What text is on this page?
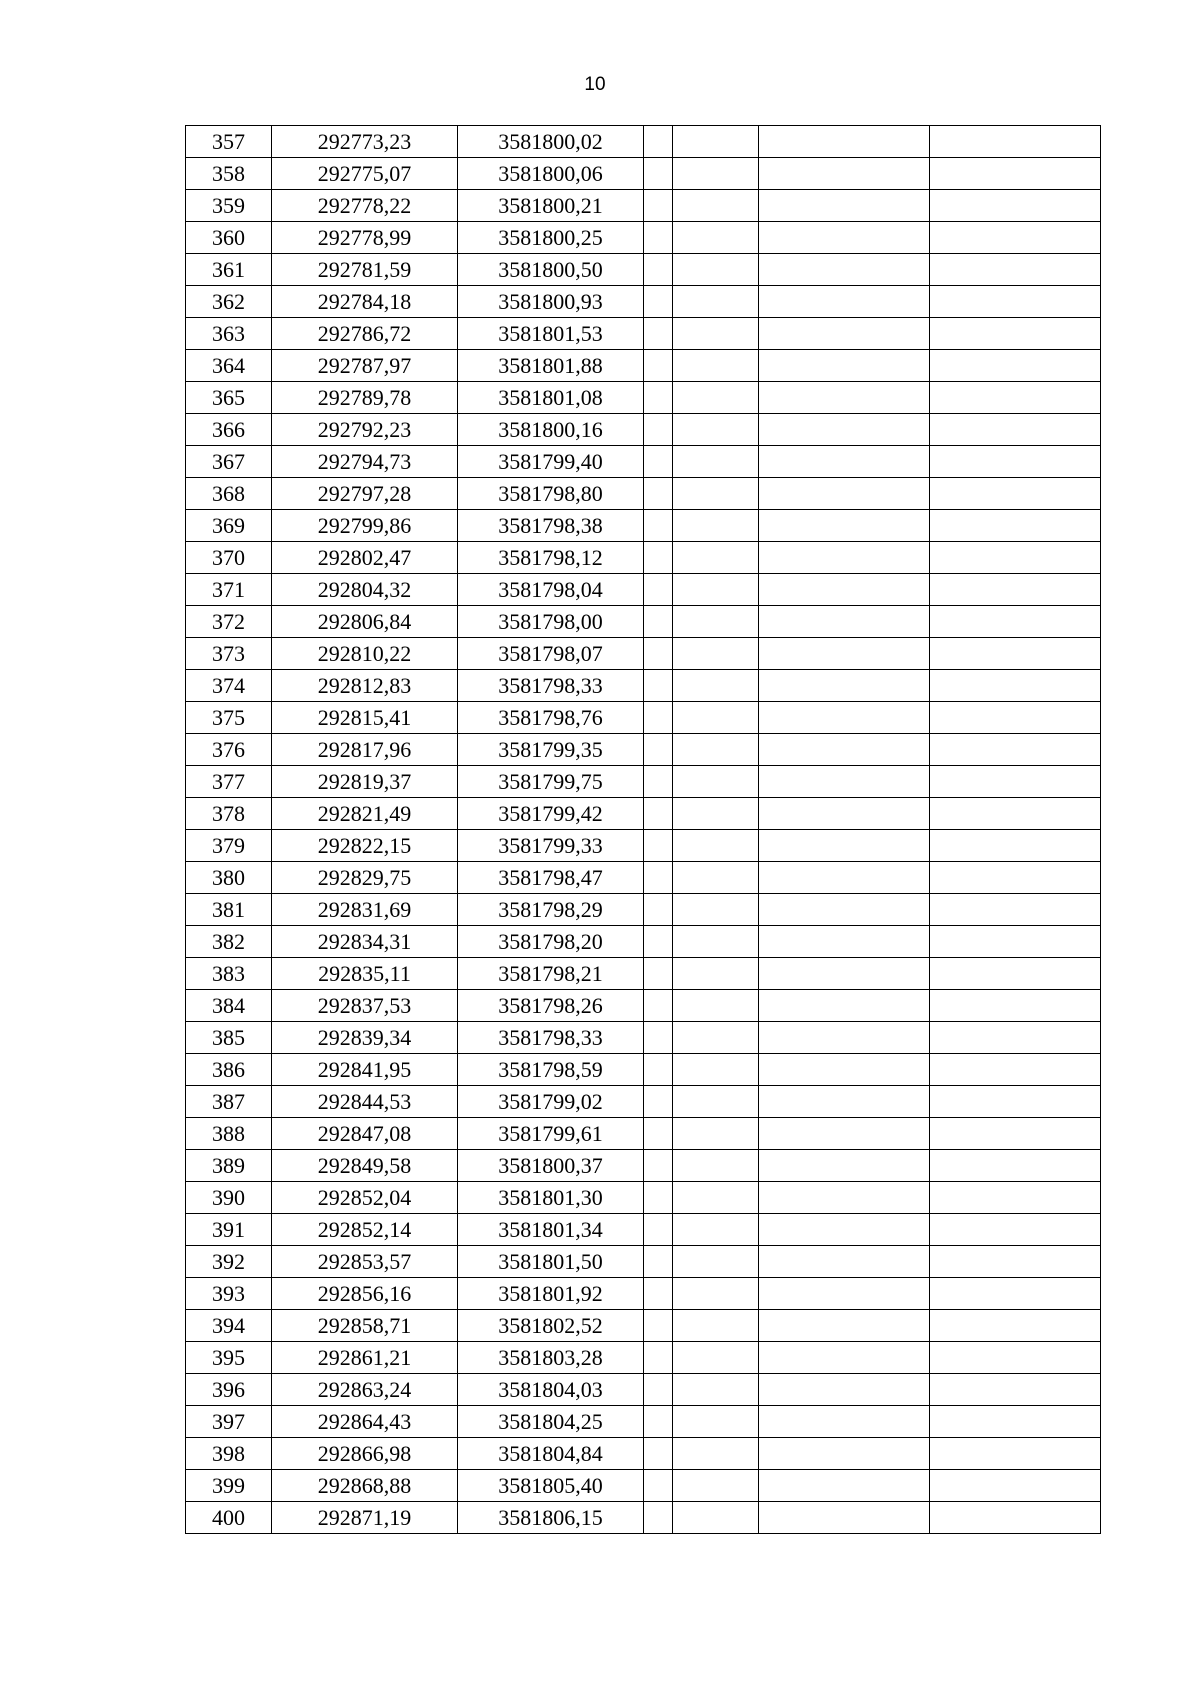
10
357	292773,23	3581800,02				
358	292775,07	3581800,06				
359	292778,22	3581800,21				
360	292778,99	3581800,25				
361	292781,59	3581800,50				
362	292784,18	3581800,93				
363	292786,72	3581801,53				
364	292787,97	3581801,88				
365	292789,78	3581801,08				
366	292792,23	3581800,16				
367	292794,73	3581799,40				
368	292797,28	3581798,80				
369	292799,86	3581798,38				
370	292802,47	3581798,12				
371	292804,32	3581798,04				
372	292806,84	3581798,00				
373	292810,22	3581798,07				
374	292812,83	3581798,33				
375	292815,41	3581798,76				
376	292817,96	3581799,35				
377	292819,37	3581799,75				
378	292821,49	3581799,42				
379	292822,15	3581799,33				
380	292829,75	3581798,47				
381	292831,69	3581798,29				
382	292834,31	3581798,20				
383	292835,11	3581798,21				
384	292837,53	3581798,26				
385	292839,34	3581798,33				
386	292841,95	3581798,59				
387	292844,53	3581799,02				
388	292847,08	3581799,61				
389	292849,58	3581800,37				
390	292852,04	3581801,30				
391	292852,14	3581801,34				
392	292853,57	3581801,50				
393	292856,16	3581801,92				
394	292858,71	3581802,52				
395	292861,21	3581803,28				
396	292863,24	3581804,03				
397	292864,43	3581804,25				
398	292866,98	3581804,84				
399	292868,88	3581805,40				
400	292871,19	3581806,15				
